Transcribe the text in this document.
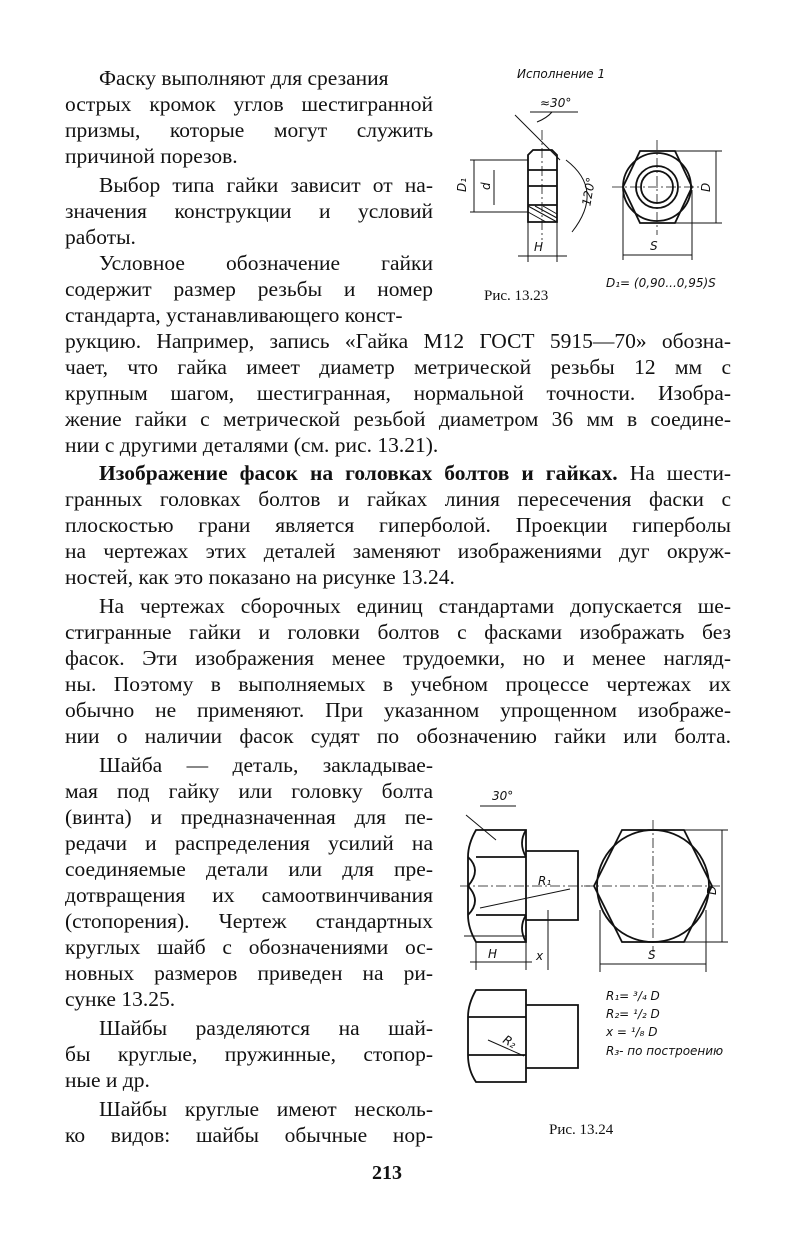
Фаску выполняют для срезания
острых кромок углов шестигранной
призмы, которые могут служить
причиной порезов.
Выбор типа гайки зависит от на-
значения конструкции и условий
работы.
Условное обозначение гайки
содержит размер резьбы и номер
стандарта, устанавливающего конст-
рукцию. Например, запись «Гайка М12 ГОСТ 5915—70» обозна-
чает, что гайка имеет диаметр метрической резьбы 12 мм с
крупным шагом, шестигранная, нормальной точности. Изобра-
жение гайки с метрической резьбой диаметром 36 мм в соедине-
нии с другими деталями (см. рис. 13.21).
Изображение фасок на головках болтов и гайках. На шести-
гранных головках болтов и гайках линия пересечения фаски с
плоскостью грани является гиперболой. Проекции гиперболы
на чертежах этих деталей заменяют изображениями дуг окруж-
ностей, как это показано на рисунке 13.24.
На чертежах сборочных единиц стандартами допускается ше-
стигранные гайки и головки болтов с фасками изображать без
фасок. Эти изображения менее трудоемки, но и менее нагляд-
ны. Поэтому в выполняемых в учебном процессе чертежах их
обычно не применяют. При указанном упрощенном изображе-
нии о наличии фасок судят по обозначению гайки или болта.
Шайба — деталь, закладывае-
мая под гайку или головку болта
(винта) и предназначенная для пе-
редачи и распределения усилий на
соединяемые детали или для пре-
дотвращения их самоотвинчивания
(стопорения). Чертеж стандартных
круглых шайб с обозначениями ос-
новных размеров приведен на ри-
сунке 13.25.
Шайбы разделяются на шай-
бы круглые, пружинные, стопор-
ные и др.
Шайбы круглые имеют несколь-
ко видов: шайбы обычные нор-
Исполнение 1
≈30°
H
D₁ d	120°
S
D
D₁= (0,90...0,95)S
Рис. 13.23
30°
R₁
H	x	S
D
R₂
R₁= ³/₄ D
R₂= ¹/₂ D
x = ¹/₈ D
R₃- по построению
Рис. 13.24
213
